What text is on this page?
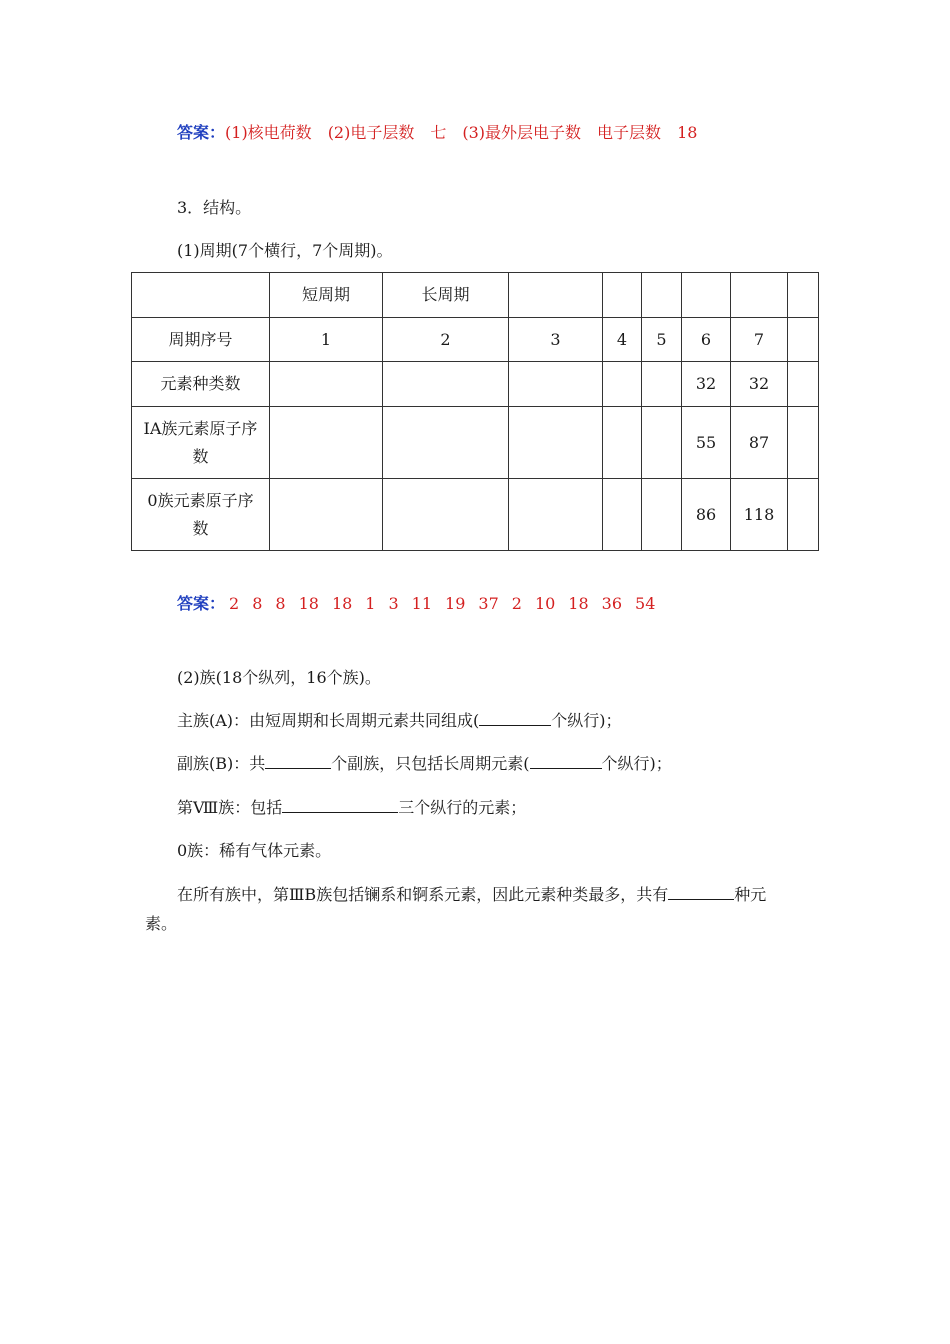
答案：(1)核电荷数 (2)电子层数 七 (3)最外层电子数 电子层数 18
3．结构。
(1)周期(7个横行，7个周期)。
	短周期	长周期						
周期序号	1	2	3	4	5	6	7	
元素种类数						32	32	

ⅠA族元素原子序数						55	87	

0族元素原子序数						86	118	
答案： 2 8 8 18 18 1 3 11 19 37 2 10 18 36 54
(2)族(18个纵列，16个族)。
主族(A)：由短周期和长周期元素共同组成(	个纵行)；
副族(B)：共	个副族，只包括长周期元素(	个纵行)；
第Ⅷ族：包括	三个纵行的元素；
0族：稀有气体元素。
在所有族中，第ⅢB族包括镧系和锕系元素，因此元素种类最多，共有	种元
素。
